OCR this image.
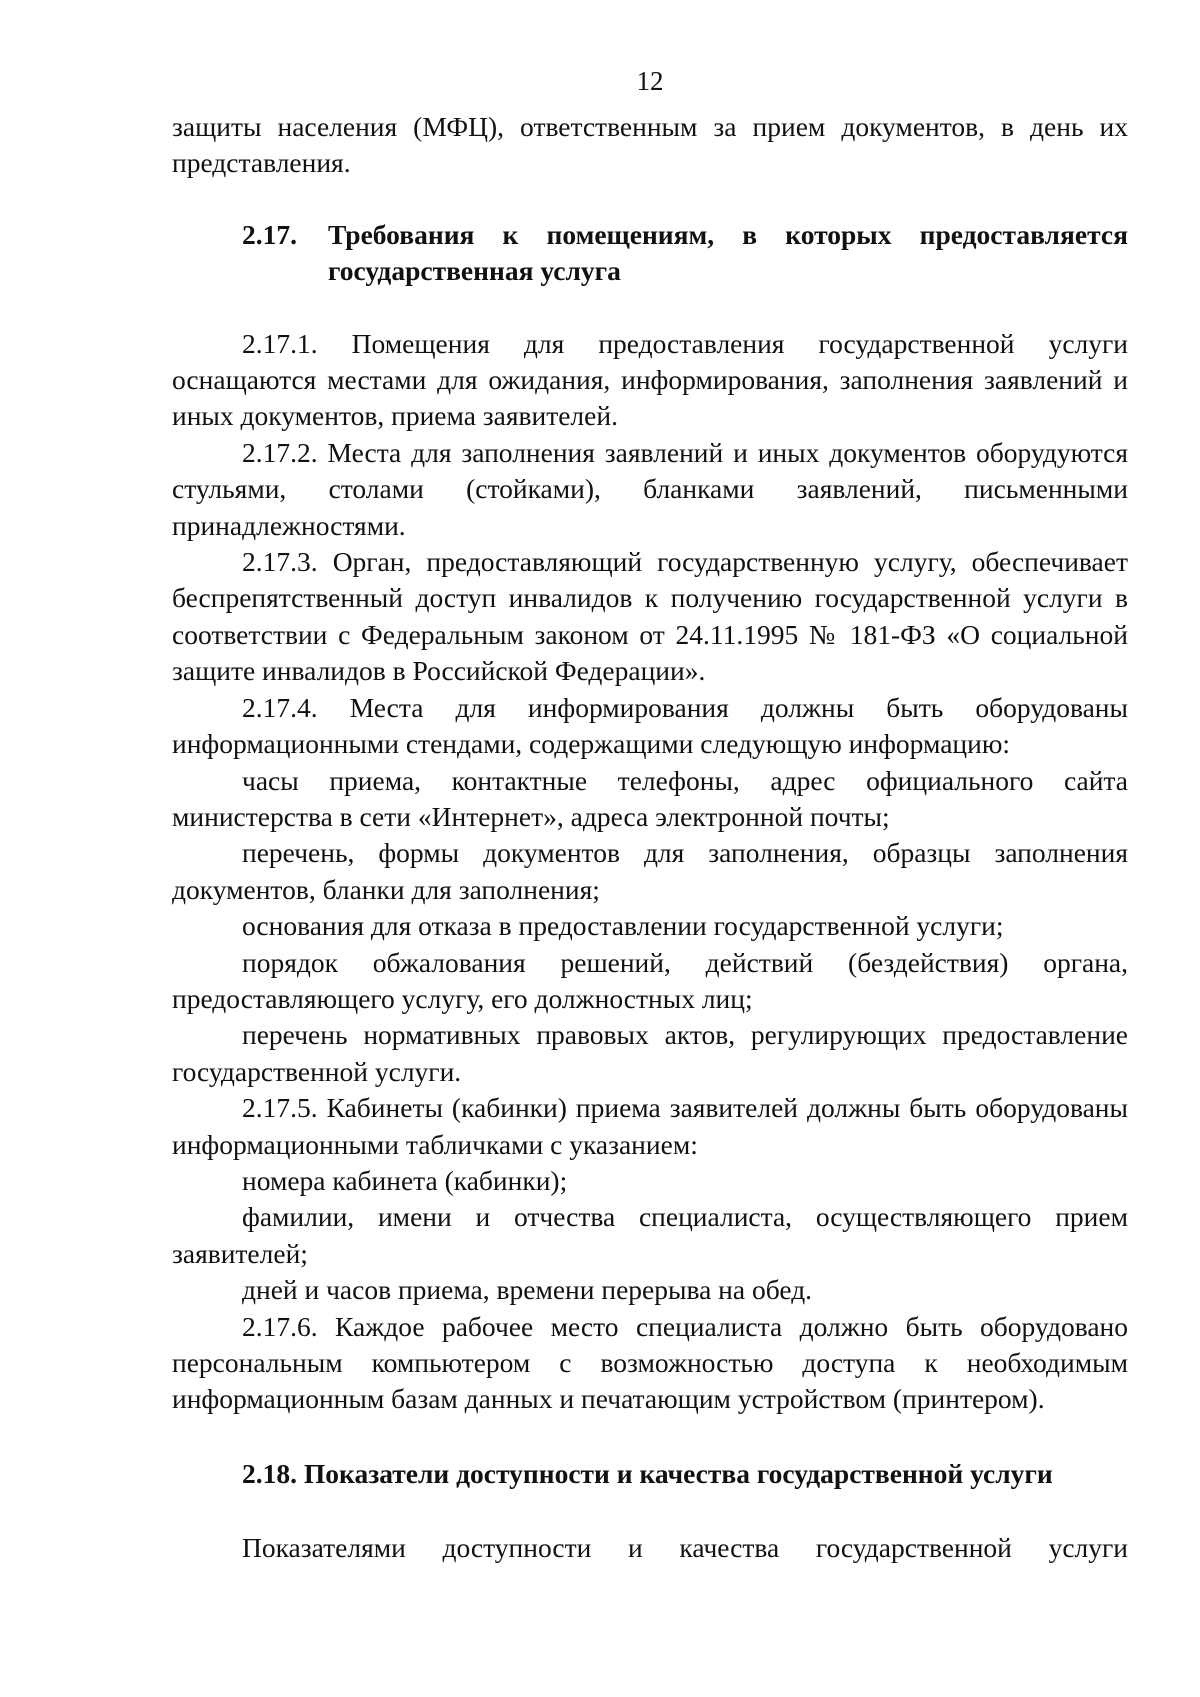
12

защиты населения (МФЦ), ответственным за прием документов, в день их представления.

2.17.	Требования к помещениям, в которых предоставляется
государственная услуга

2.17.1. Помещения для предоставления государственной услуги оснащаются местами для ожидания, информирования, заполнения заявлений и иных документов, приема заявителей.

2.17.2. Места для заполнения заявлений и иных документов оборудуются стульями, столами (стойками), бланками заявлений, письменными принадлежностями.

2.17.3. Орган, предоставляющий государственную услугу, обеспечивает беспрепятственный доступ инвалидов к получению государственной услуги в соответствии с Федеральным законом от 24.11.1995 № 181-ФЗ «О социальной защите инвалидов в Российской Федерации».

2.17.4. Места для информирования должны быть оборудованы информационными стендами, содержащими следующую информацию:

часы приема, контактные телефоны, адрес официального сайта министерства в сети «Интернет», адреса электронной почты;

перечень, формы документов для заполнения, образцы заполнения документов, бланки для заполнения;

основания для отказа в предоставлении государственной услуги;

порядок обжалования решений, действий (бездействия) органа, предоставляющего услугу, его должностных лиц;

перечень нормативных правовых актов, регулирующих предоставление государственной услуги.

2.17.5. Кабинеты (кабинки) приема заявителей должны быть оборудованы информационными табличками с указанием:

номера кабинета (кабинки);

фамилии, имени и отчества специалиста, осуществляющего прием заявителей;

дней и часов приема, времени перерыва на обед.

2.17.6. Каждое рабочее место специалиста должно быть оборудовано персональным компьютером с возможностью доступа к необходимым информационным базам данных и печатающим устройством (принтером).

2.18. Показатели доступности и качества государственной услуги

Показателями доступности и качества государственной услуги
